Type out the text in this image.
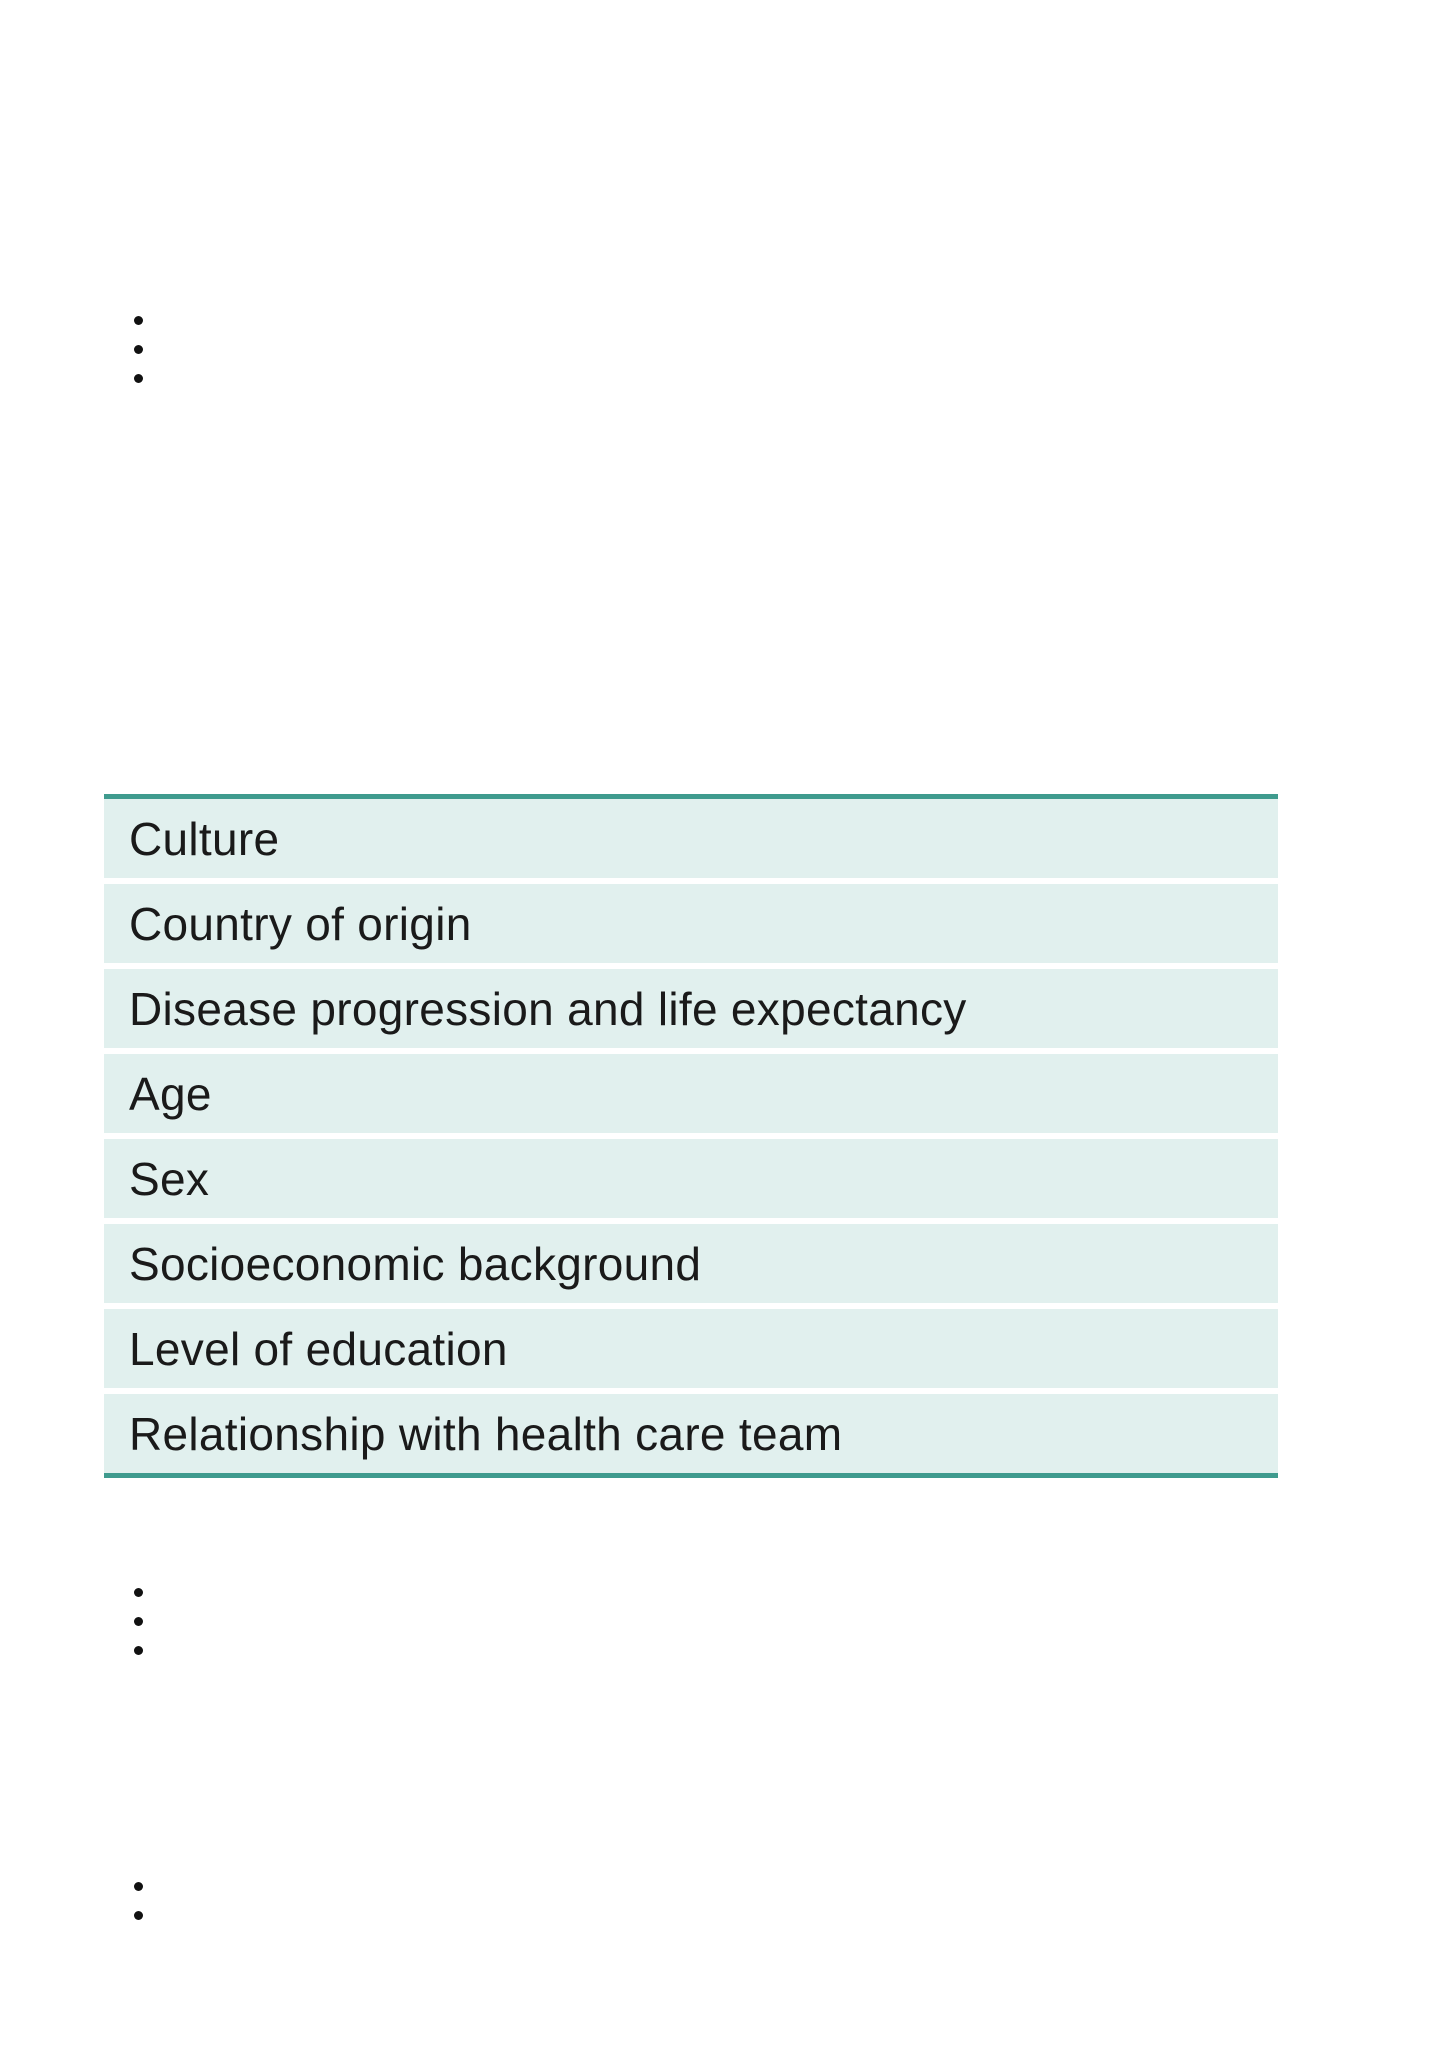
Culture
Country of origin
Disease progression and life expectancy
Age
Sex
Socioeconomic background
Level of education
Relationship with health care team
